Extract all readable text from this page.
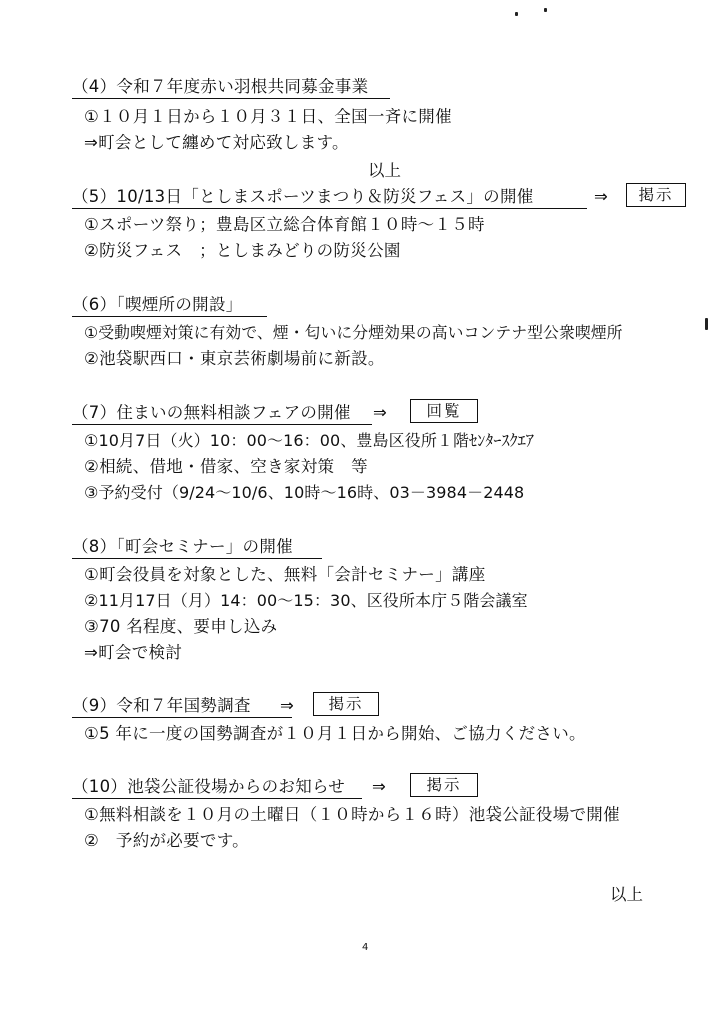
（4）令和７年度赤い羽根共同募金事業
①１０月１日から１０月３１日、全国一斉に開催
⇒町会として纏めて対応致します。
以上
（5）10/13日「としまスポーツまつり＆防災フェス」の開催	⇒	掲示
①スポーツ祭り；豊島区立総合体育館１０時～１５時
②防災フェス　；としまみどりの防災公園
（6）「喫煙所の開設」
①受動喫煙対策に有効で、煙・匂いに分煙効果の高いコンテナ型公衆喫煙所
②池袋駅西口・東京芸術劇場前に新設。
（7）住まいの無料相談フェアの開催	⇒	回覧
①10月7日（火）10：00～16：00、豊島区役所１階ｾﾝﾀｰｽｸｴｱ
②相続、借地・借家、空き家対策　等
③予約受付（9/24～10/6、10時～16時、03－3984－2448
（8）「町会セミナー」の開催
①町会役員を対象とした、無料「会計セミナー」講座
②11月17日（月）14：00～15：30、区役所本庁５階会議室
③70 名程度、要申し込み
⇒町会で検討
（9）令和７年国勢調査	⇒	掲示
①5 年に一度の国勢調査が１０月１日から開始、ご協力ください。
（10）池袋公証役場からのお知らせ	⇒	掲示
①無料相談を１０月の土曜日（１０時から１６時）池袋公証役場で開催
②　予約が必要です。
以上
4
